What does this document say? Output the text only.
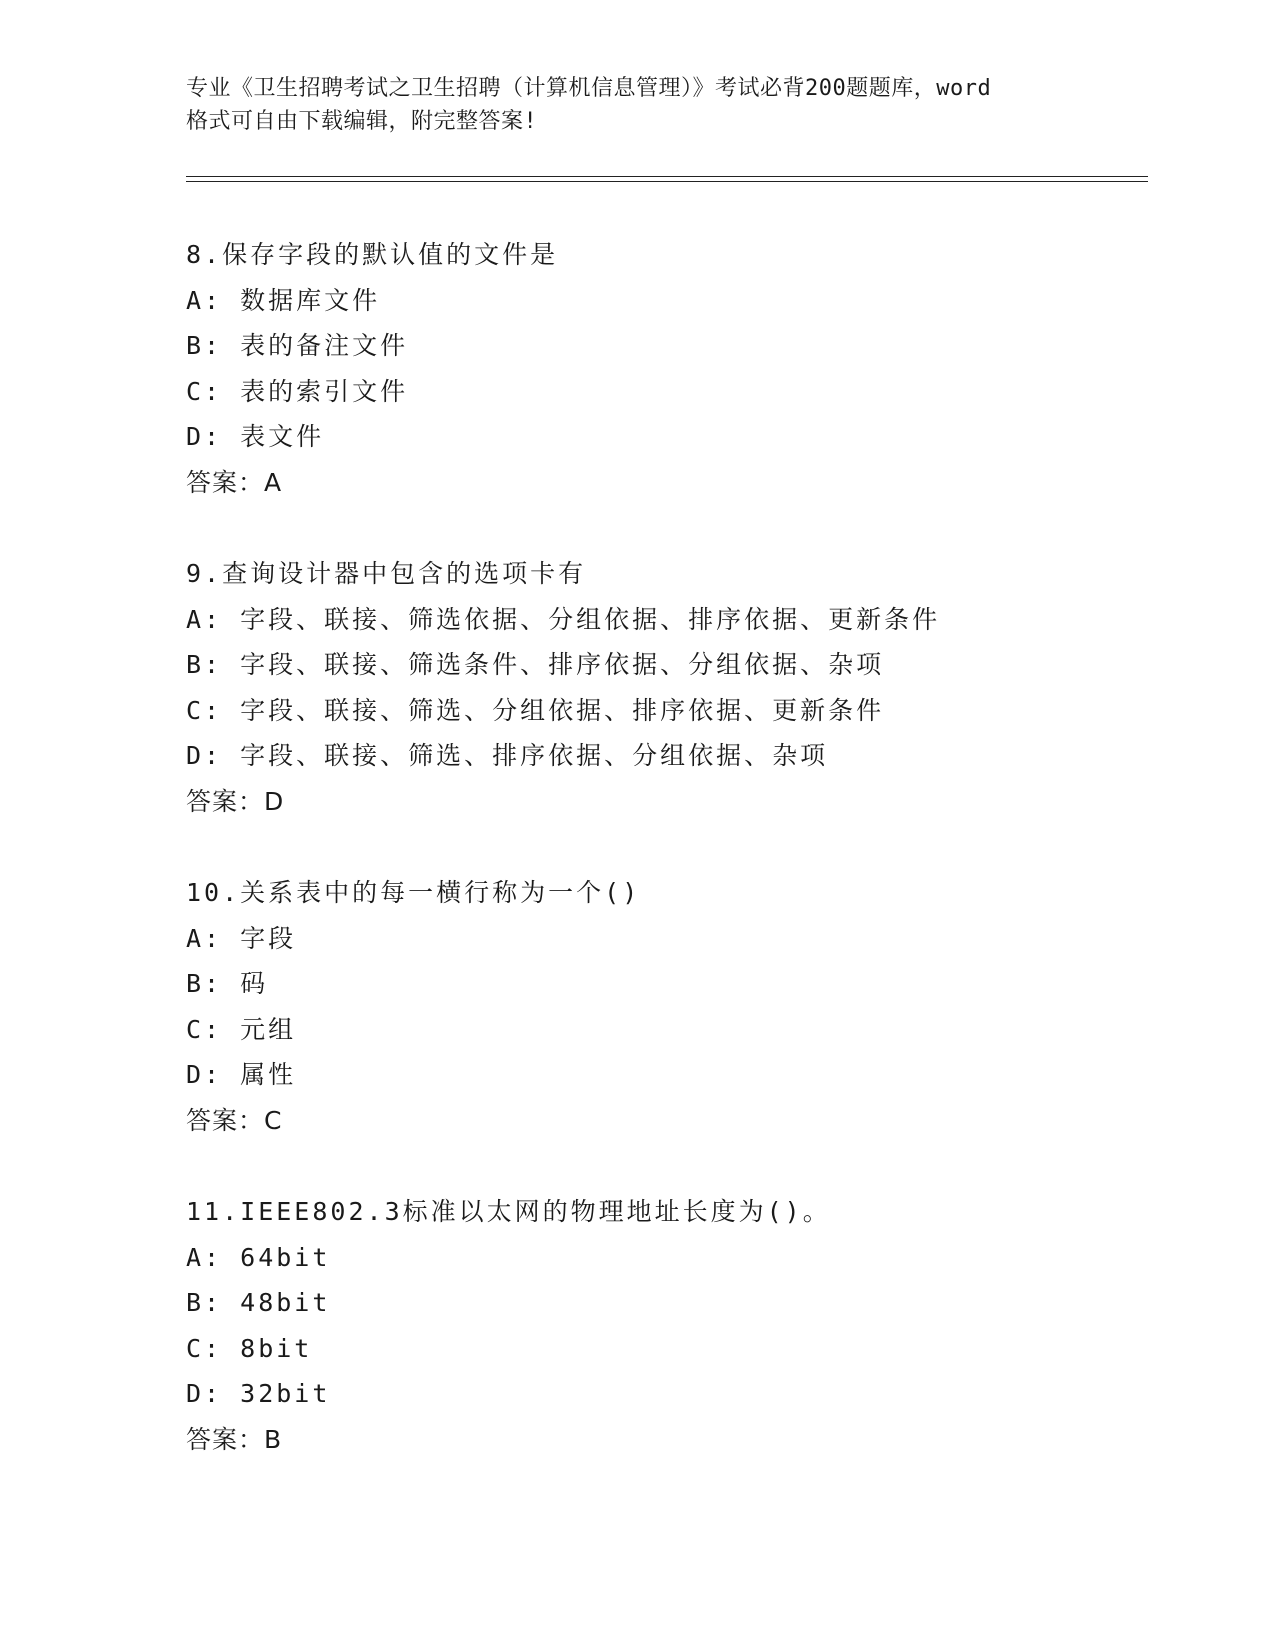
专业《卫生招聘考试之卫生招聘（计算机信息管理）》考试必背200题题库，word
格式可自由下载编辑，附完整答案!
8.保存字段的默认值的文件是
A: 数据库文件
B: 表的备注文件
C: 表的索引文件
D: 表文件
答案：A
9.查询设计器中包含的选项卡有
A: 字段、联接、筛选依据、分组依据、排序依据、更新条件
B: 字段、联接、筛选条件、排序依据、分组依据、杂项
C: 字段、联接、筛选、分组依据、排序依据、更新条件
D: 字段、联接、筛选、排序依据、分组依据、杂项
答案：D
10.关系表中的每一横行称为一个()
A: 字段
B: 码
C: 元组
D: 属性
答案：C
11.IEEE802.3标准以太网的物理地址长度为()。
A: 64bit
B: 48bit
C: 8bit
D: 32bit
答案：B
